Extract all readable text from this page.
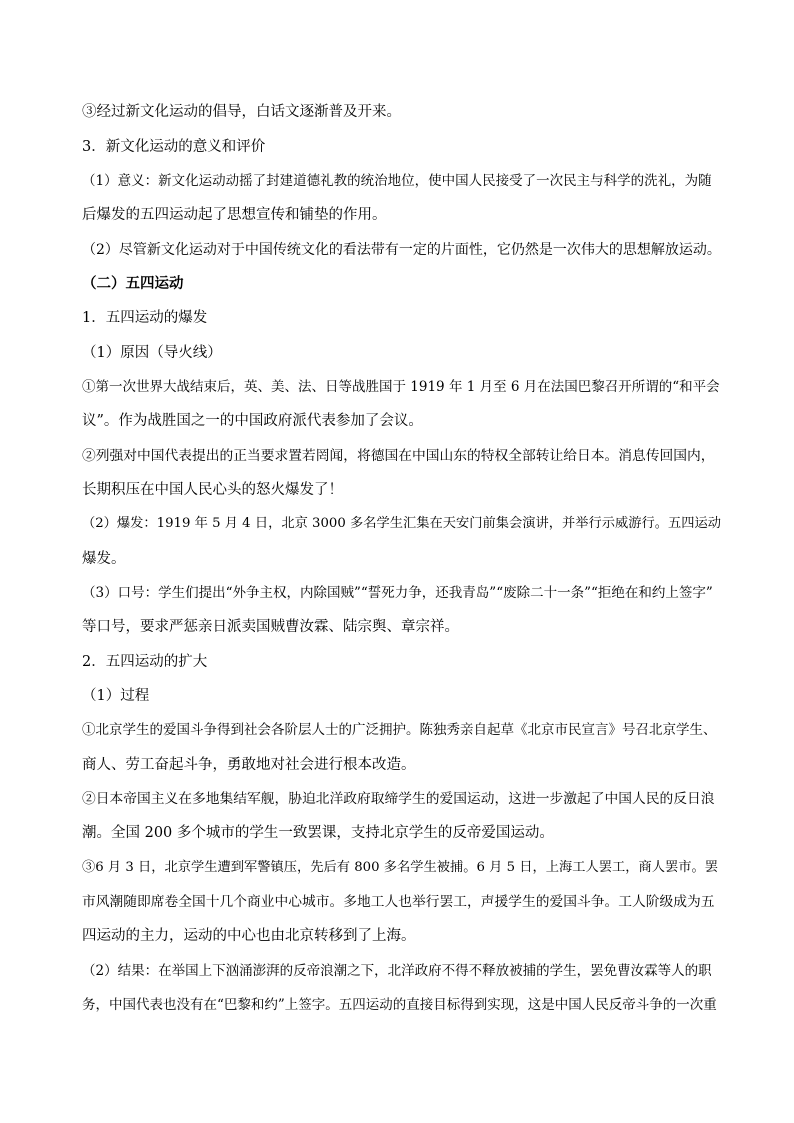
③经过新文化运动的倡导，白话文逐渐普及开来。
3．新文化运动的意义和评价
（1）意义：新文化运动动摇了封建道德礼教的统治地位，使中国人民接受了一次民主与科学的洗礼，为随
后爆发的五四运动起了思想宣传和铺垫的作用。
（2）尽管新文化运动对于中国传统文化的看法带有一定的片面性，它仍然是一次伟大的思想解放运动。
（二）五四运动
1．五四运动的爆发
（1）原因（导火线）
①第一次世界大战结束后，英、美、法、日等战胜国于 1919 年 1 月至 6 月在法国巴黎召开所谓的“和平会
议”。作为战胜国之一的中国政府派代表参加了会议。
②列强对中国代表提出的正当要求置若罔闻，将德国在中国山东的特权全部转让给日本。消息传回国内，
长期积压在中国人民心头的怒火爆发了！
（2）爆发：1919 年 5 月 4 日，北京 3000 多名学生汇集在天安门前集会演讲，并举行示威游行。五四运动
爆发。
（3）口号：学生们提出“外争主权，内除国贼”“誓死力争，还我青岛”“废除二十一条”“拒绝在和约上签字”
等口号，要求严惩亲日派卖国贼曹汝霖、陆宗舆、章宗祥。
2．五四运动的扩大
（1）过程
①北京学生的爱国斗争得到社会各阶层人士的广泛拥护。陈独秀亲自起草《北京市民宣言》号召北京学生、
商人、劳工奋起斗争，勇敢地对社会进行根本改造。
②日本帝国主义在多地集结军舰，胁迫北洋政府取缔学生的爱国运动，这进一步激起了中国人民的反日浪
潮。全国 200 多个城市的学生一致罢课，支持北京学生的反帝爱国运动。
③6 月 3 日，北京学生遭到军警镇压，先后有 800 多名学生被捕。6 月 5 日，上海工人罢工，商人罢市。罢
市风潮随即席卷全国十几个商业中心城市。多地工人也举行罢工，声援学生的爱国斗争。工人阶级成为五
四运动的主力，运动的中心也由北京转移到了上海。
（2）结果：在举国上下汹涌澎湃的反帝浪潮之下，北洋政府不得不释放被捕的学生，罢免曹汝霖等人的职
务，中国代表也没有在“巴黎和约”上签字。五四运动的直接目标得到实现，这是中国人民反帝斗争的一次重
